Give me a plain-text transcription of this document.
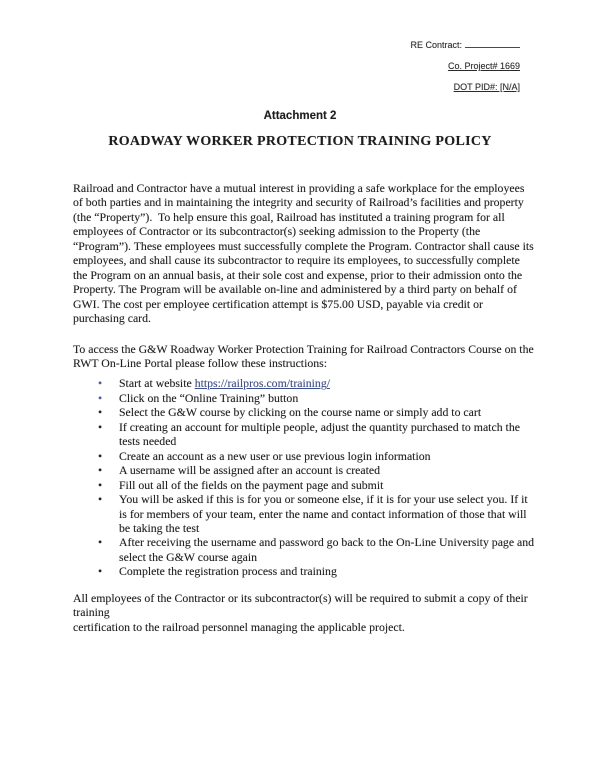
RE Contract:
Co. Project# 1669
DOT PID#: [N/A]
Attachment 2
ROADWAY WORKER PROTECTION TRAINING POLICY

Railroad and Contractor have a mutual interest in providing a safe workplace for the employees of both parties and in maintaining the integrity and security of Railroad’s facilities and property (the “Property”).  To help ensure this goal, Railroad has instituted a training program for all employees of Contractor or its subcontractor(s) seeking admission to the Property (the “Program”). These employees must successfully complete the Program. Contractor shall cause its employees, and shall cause its subcontractor to require its employees, to successfully complete the Program on an annual basis, at their sole cost and expense, prior to their admission onto the Property. The Program will be available on-line and administered by a third party on behalf of GWI. The cost per employee certification attempt is $75.00 USD, payable via credit or purchasing card.

To access the G&W Roadway Worker Protection Training for Railroad Contractors Course on the RWT On-Line Portal please follow these instructions:

• Start at website https://railpros.com/training/
• Click on the “Online Training” button
• Select the G&W course by clicking on the course name or simply add to cart
• If creating an account for multiple people, adjust the quantity purchased to match the tests needed
• Create an account as a new user or use previous login information
• A username will be assigned after an account is created
• Fill out all of the fields on the payment page and submit
• You will be asked if this is for you or someone else, if it is for your use select you. If it is for members of your team, enter the name and contact information of those that will be taking the test
• After receiving the username and password go back to the On-Line University page and select the G&W course again
• Complete the registration process and training
All employees of the Contractor or its subcontractor(s) will be required to submit a copy of their
training
certification to the railroad personnel managing the applicable project.
